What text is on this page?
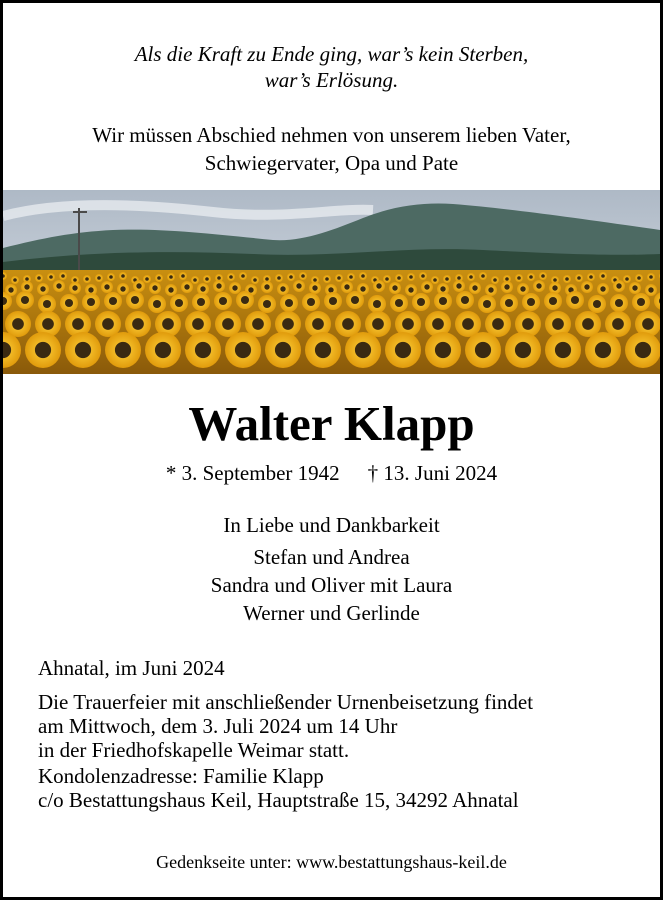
Als die Kraft zu Ende ging, war’s kein Sterben,
war’s Erlösung.
Wir müssen Abschied nehmen von unserem lieben Vater,
Schwiegervater, Opa und Pate
Walter Klapp
* 3. September 1942 † 13. Juni 2024
In Liebe und Dankbarkeit
Stefan und Andrea
Sandra und Oliver mit Laura
Werner und Gerlinde
Ahnatal, im Juni 2024
Die Trauerfeier mit anschließender Urnenbeisetzung findet
am Mittwoch, dem 3. Juli 2024 um 14 Uhr
in der Friedhofskapelle Weimar statt.
Kondolenzadresse: Familie Klapp
c/o Bestattungshaus Keil, Hauptstraße 15, 34292 Ahnatal
Gedenkseite unter: www.bestattungshaus-keil.de
